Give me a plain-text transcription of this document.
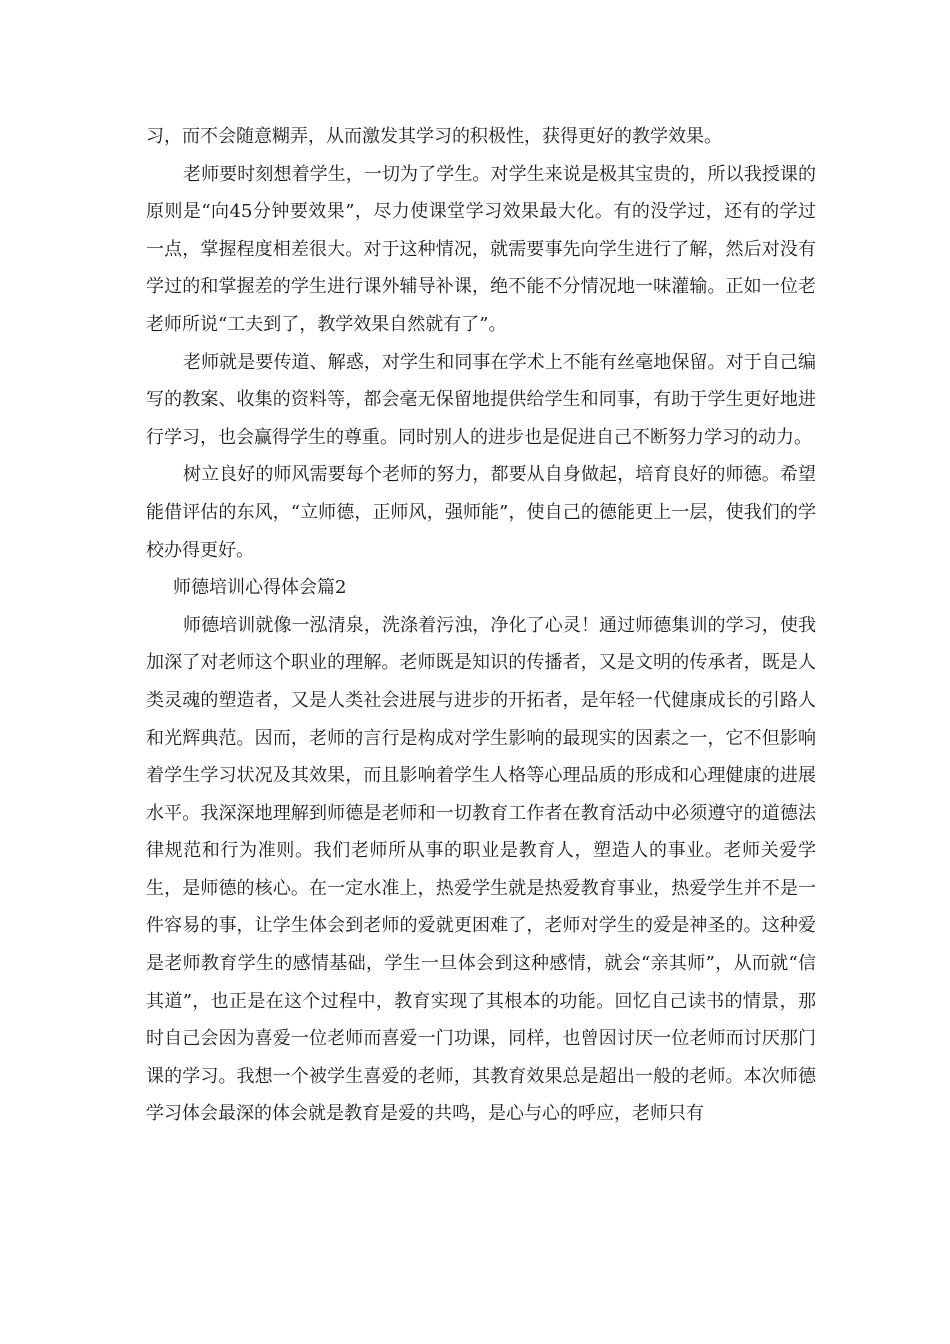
习，而不会随意糊弄，从而激发其学习的积极性，获得更好的教学效果。

老师要时刻想着学生，一切为了学生。对学生来说是极其宝贵的，所以我授课的原则是“向45分钟要效果”，尽力使课堂学习效果最大化。有的没学过，还有的学过一点，掌握程度相差很大。对于这种情况，就需要事先向学生进行了解，然后对没有学过的和掌握差的学生进行课外辅导补课，绝不能不分情况地一味灌输。正如一位老老师所说“工夫到了，教学效果自然就有了”。

老师就是要传道、解惑，对学生和同事在学术上不能有丝毫地保留。对于自己编写的教案、收集的资料等，都会毫无保留地提供给学生和同事，有助于学生更好地进行学习，也会赢得学生的尊重。同时别人的进步也是促进自己不断努力学习的动力。

树立良好的师风需要每个老师的努力，都要从自身做起，培育良好的师德。希望能借评估的东风，“立师德，正师风，强师能”，使自己的德能更上一层，使我们的学校办得更好。

师德培训心得体会篇2

师德培训就像一泓清泉，洗涤着污浊，净化了心灵！通过师德集训的学习，使我加深了对老师这个职业的理解。老师既是知识的传播者，又是文明的传承者，既是人类灵魂的塑造者，又是人类社会进展与进步的开拓者，是年轻一代健康成长的引路人和光辉典范。因而，老师的言行是构成对学生影响的最现实的因素之一，它不但影响着学生学习状况及其效果，而且影响着学生人格等心理品质的形成和心理健康的进展水平。我深深地理解到师德是老师和一切教育工作者在教育活动中必须遵守的道德法律规范和行为准则。我们老师所从事的职业是教育人，塑造人的事业。老师关爱学生，是师德的核心。在一定水准上，热爱学生就是热爱教育事业，热爱学生并不是一件容易的事，让学生体会到老师的爱就更困难了，老师对学生的爱是神圣的。这种爱是老师教育学生的感情基础，学生一旦体会到这种感情，就会“亲其师”，从而就“信其道”，也正是在这个过程中，教育实现了其根本的功能。回忆自己读书的情景，那时自己会因为喜爱一位老师而喜爱一门功课，同样，也曾因讨厌一位老师而讨厌那门课的学习。我想一个被学生喜爱的老师，其教育效果总是超出一般的老师。本次师德学习体会最深的体会就是教育是爱的共鸣，是心与心的呼应，老师只有
